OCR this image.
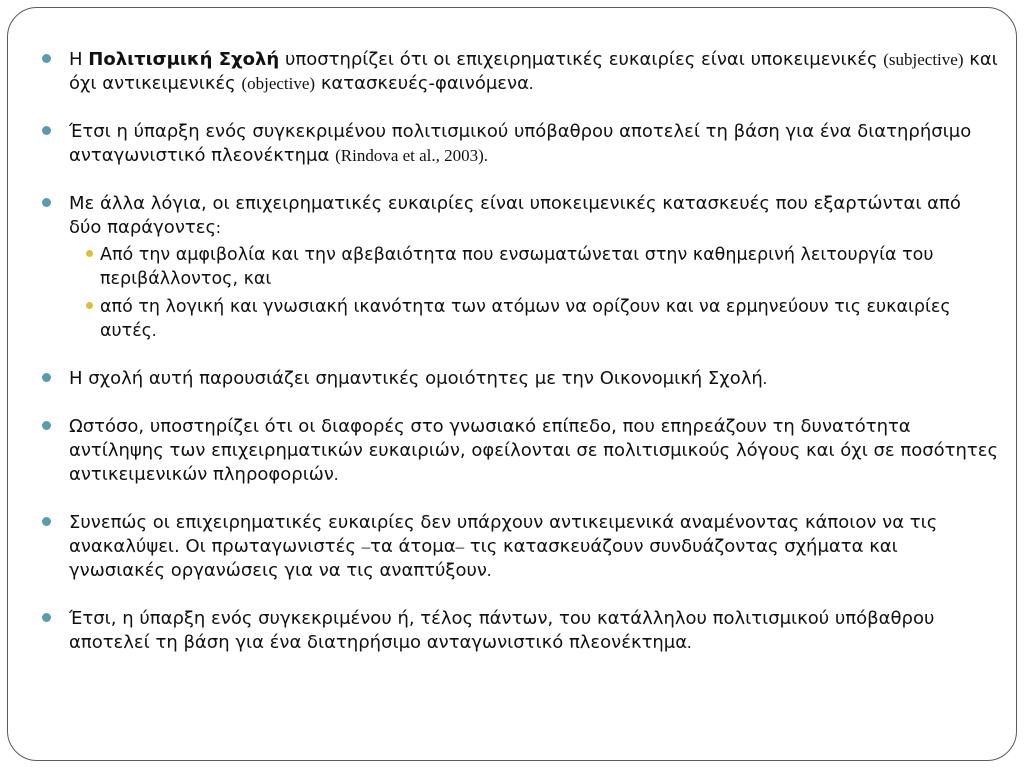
Η Πολιτισμική Σχολή υποστηρίζει ότι οι επιχειρηματικές ευκαιρίες είναι υποκειμενικές (subjective) και όχι αντικειμενικές (objective) κατασκευές-φαινόμενα.
Έτσι η ύπαρξη ενός συγκεκριμένου πολιτισμικού υπόβαθρου αποτελεί τη βάση για ένα διατηρήσιμο ανταγωνιστικό πλεονέκτημα (Rindova et al., 2003).
Με άλλα λόγια, οι επιχειρηματικές ευκαιρίες είναι υποκειμενικές κατασκευές που εξαρτώνται από δύο παράγοντες:
Από την αμφιβολία και την αβεβαιότητα που ενσωματώνεται στην καθημερινή λειτουργία του περιβάλλοντος, και
από τη λογική και γνωσιακή ικανότητα των ατόμων να ορίζουν και να ερμηνεύουν τις ευκαιρίες αυτές.
Η σχολή αυτή παρουσιάζει σημαντικές ομοιότητες με την Οικονομική Σχολή.
Ωστόσο, υποστηρίζει ότι οι διαφορές στο γνωσιακό επίπεδο, που επηρεάζουν τη δυνατότητα αντίληψης των επιχειρηματικών ευκαιριών, οφείλονται σε πολιτισμικούς λόγους και όχι σε ποσότητες αντικειμενικών πληροφοριών.
Συνεπώς οι επιχειρηματικές ευκαιρίες δεν υπάρχουν αντικειμενικά αναμένοντας κάποιον να τις ανακαλύψει. Οι πρωταγωνιστές –τα άτομα– τις κατασκευάζουν συνδυάζοντας σχήματα και γνωσιακές οργανώσεις για να τις αναπτύξουν.
Έτσι, η ύπαρξη ενός συγκεκριμένου ή, τέλος πάντων, του κατάλληλου πολιτισμικού υπόβαθρου αποτελεί τη βάση για ένα διατηρήσιμο ανταγωνιστικό πλεονέκτημα.
